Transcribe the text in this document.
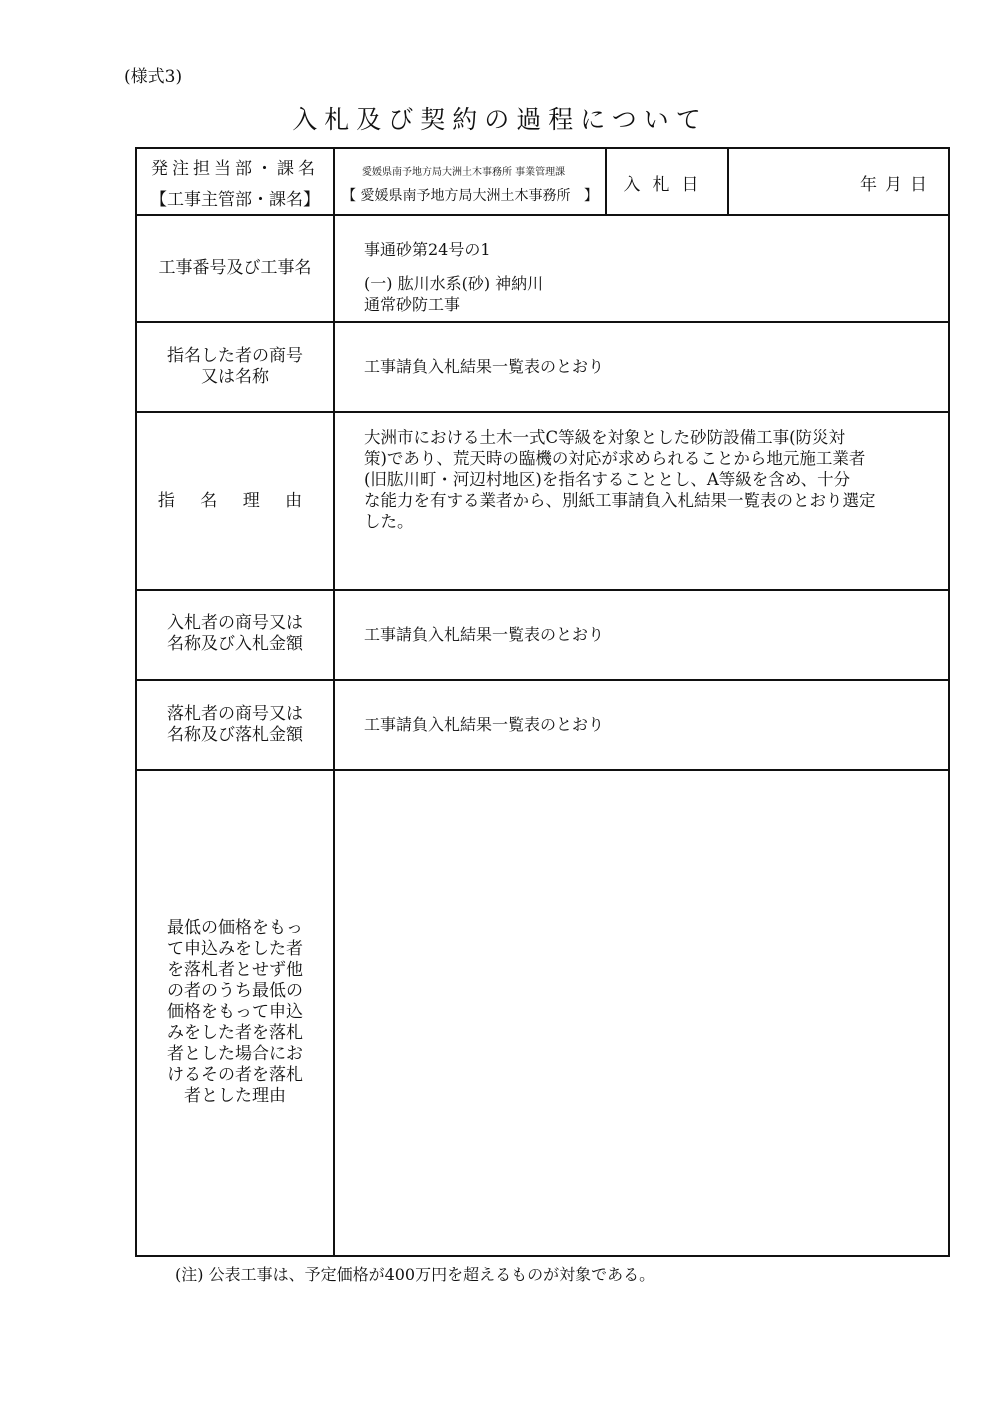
(様式3)
入札及び契約の過程について
発注担当部・課名
【工事主管部・課名】
愛媛県南予地方局大洲土木事務所 事業管理課
【 愛媛県南予地方局大洲土木事務所 】
入札日	年月日
工事番号及び工事名
事通砂第24号の1
(一) 肱川水系(砂) 神納川
通常砂防工事
指名した者の商号
又は名称
工事請負入札結果一覧表のとおり
指 名 理 由
大洲市における土木一式C等級を対象とした砂防設備工事(防災対
策)であり、荒天時の臨機の対応が求められることから地元施工業者
(旧肱川町・河辺村地区)を指名することとし、A等級を含め、十分
な能力を有する業者から、別紙工事請負入札結果一覧表のとおり選定
した。
入札者の商号又は
名称及び入札金額	工事請負入札結果一覧表のとおり
落札者の商号又は
名称及び落札金額
工事請負入札結果一覧表のとおり
最低の価格をもっ
て申込みをした者
を落札者とせず他
の者のうち最低の
価格をもって申込
みをした者を落札
者とした場合にお
けるその者を落札
者とした理由
(注) 公表工事は、予定価格が400万円を超えるものが対象である。
